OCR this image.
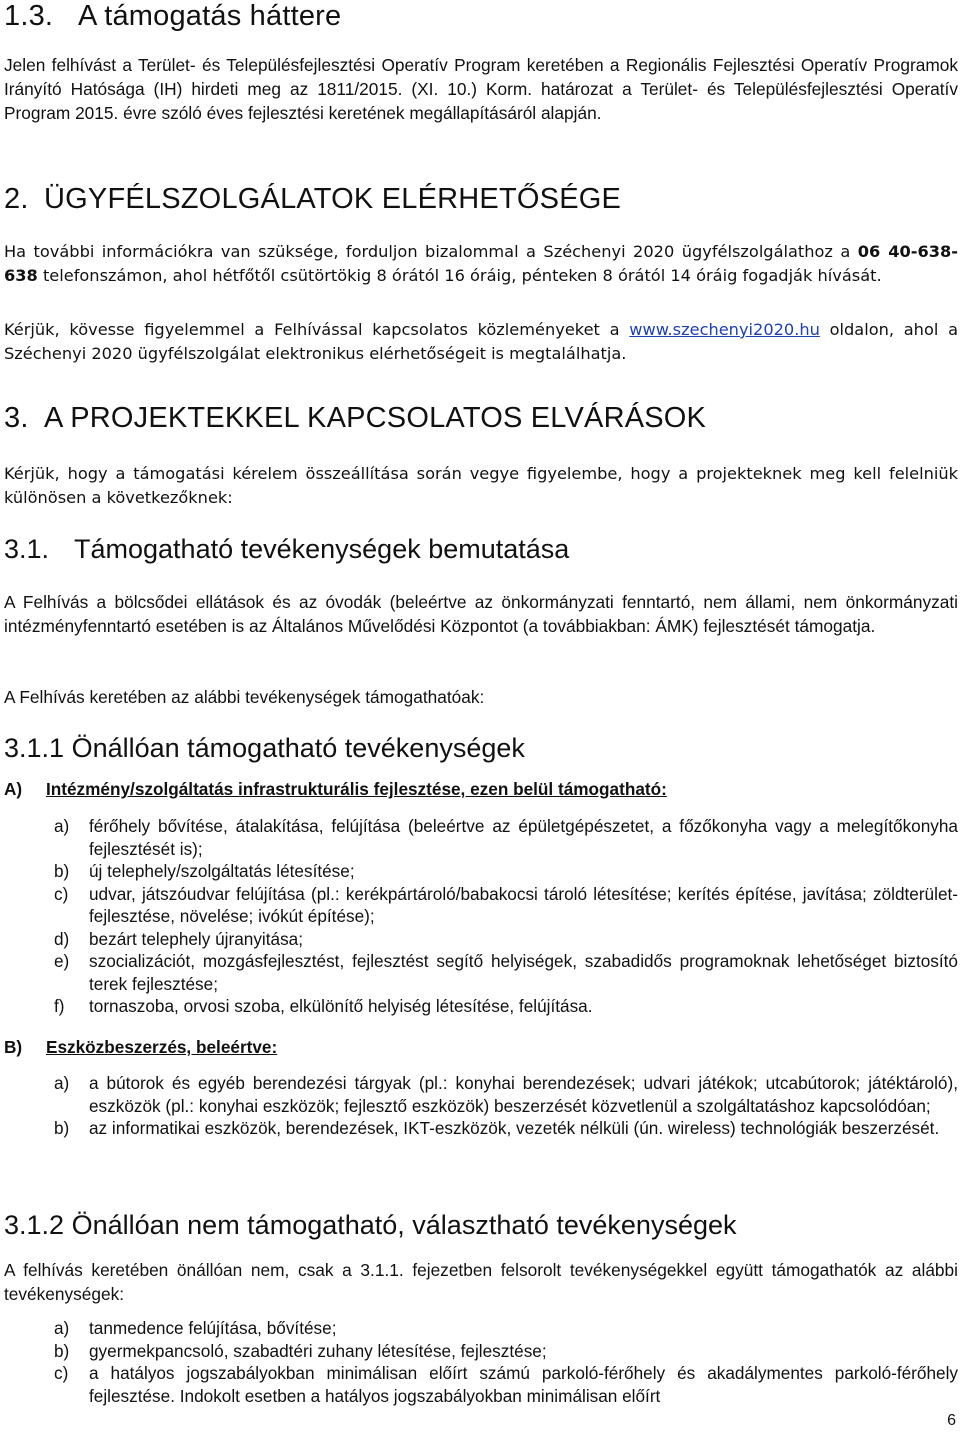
1.3. A támogatás háttere

Jelen felhívást a Terület- és Településfejlesztési Operatív Program keretében a Regionális Fejlesztési Operatív Programok Irányító Hatósága (IH) hirdeti meg az 1811/2015. (XI. 10.) Korm. határozat a Terület- és Településfejlesztési Operatív Program 2015. évre szóló éves fejlesztési keretének megállapításáról alapján.

2. ÜGYFÉLSZOLGÁLATOK ELÉRHETŐSÉGE

Ha további információkra van szüksége, forduljon bizalommal a Széchenyi 2020 ügyfélszolgálathoz a 06 40-638-638 telefonszámon, ahol hétfőtől csütörtökig 8 órától 16 óráig, pénteken 8 órától 14 óráig fogadják hívását.

Kérjük, kövesse figyelemmel a Felhívással kapcsolatos közleményeket a www.szechenyi2020.hu oldalon, ahol a Széchenyi 2020 ügyfélszolgálat elektronikus elérhetőségeit is megtalálhatja.

3. A PROJEKTEKKEL KAPCSOLATOS ELVÁRÁSOK

Kérjük, hogy a támogatási kérelem összeállítása során vegye figyelembe, hogy a projekteknek meg kell felelniük különösen a következőknek:

3.1. Támogatható tevékenységek bemutatása

A Felhívás a bölcsődei ellátások és az óvodák (beleértve az önkormányzati fenntartó, nem állami, nem önkormányzati intézményfenntartó esetében is az Általános Művelődési Központot (a továbbiakban: ÁMK) fejlesztését támogatja.

A Felhívás keretében az alábbi tevékenységek támogathatóak:

3.1.1 Önállóan támogatható tevékenységek
A) Intézmény/szolgáltatás infrastrukturális fejlesztése, ezen belül támogatható:
a) férőhely bővítése, átalakítása, felújítása (beleértve az épületgépészetet, a főzőkonyha vagy a melegítőkonyha fejlesztését is);
b) új telephely/szolgáltatás létesítése;
c) udvar, játszóudvar felújítása (pl.: kerékpártároló/babakocsi tároló létesítése; kerítés építése, javítása; zöldterület-fejlesztése, növelése; ivókút építése);
d) bezárt telephely újranyitása;
e) szocializációt, mozgásfejlesztést, fejlesztést segítő helyiségek, szabadidős programoknak lehetőséget biztosító terek fejlesztése;
f) tornaszoba, orvosi szoba, elkülönítő helyiség létesítése, felújítása.
B) Eszközbeszerzés, beleértve:
a) a bútorok és egyéb berendezési tárgyak (pl.: konyhai berendezések; udvari játékok; utcabútorok; játéktároló), eszközök (pl.: konyhai eszközök; fejlesztő eszközök) beszerzését közvetlenül a szolgáltatáshoz kapcsolódóan;
b) az informatikai eszközök, berendezések, IKT-eszközök, vezeték nélküli (ún. wireless) technológiák beszerzését.
3.1.2 Önállóan nem támogatható, választható tevékenységek

A felhívás keretében önállóan nem, csak a 3.1.1. fejezetben felsorolt tevékenységekkel együtt támogathatók az alábbi tevékenységek:

a) tanmedence felújítása, bővítése;
b) gyermekpancsoló, szabadtéri zuhany létesítése, fejlesztése;
c) a hatályos jogszabályokban minimálisan előírt számú parkoló-férőhely és akadálymentes parkoló-férőhely fejlesztése. Indokolt esetben a hatályos jogszabályokban minimálisan előírt
6
